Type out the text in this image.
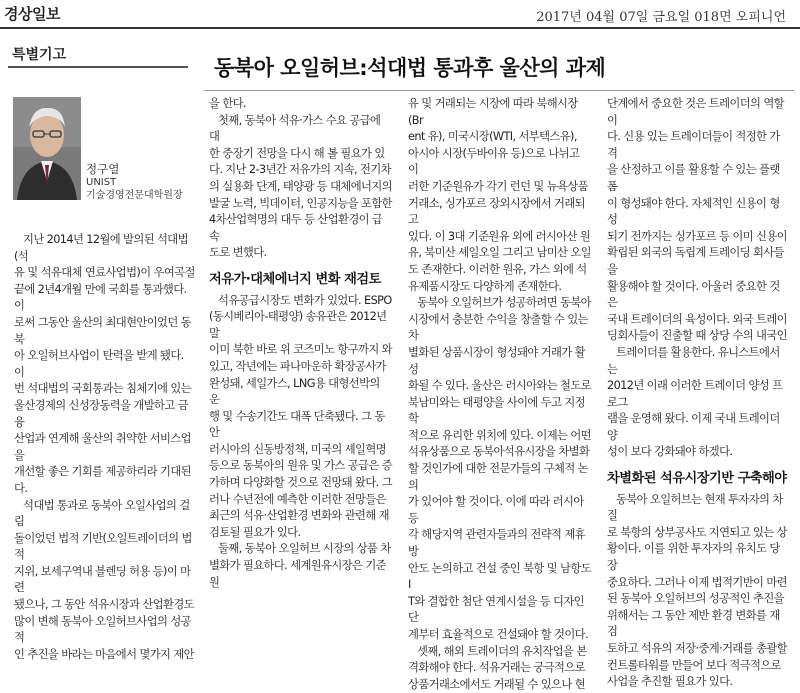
경상일보	2017년 04월 07일 금요일 018면 오피니언
특별기고
동북아 오일허브:석대법 통과후 울산의 과제
정구열
UNIST
기술경영전문대학원장

지난 2014년 12월에 발의된 석대법(석

유 및 석유대체 연료사업법)이 우여곡절

끝에 2년4개월 만에 국회를 통과했다. 이

로써 그동안 울산의 최대현안이었던 동북

아 오일허브사업이 탄력을 받게 됐다. 이

번 석대법의 국회통과는 침체기에 있는

울산경제의 신성장동력을 개발하고 금융

산업과 연계해 울산의 취약한 서비스업을

개선할 좋은 기회를 제공하리라 기대된

다.

석대법 통과로 동북아 오일사업의 걸림

돌이었던 법적 기반(오일트레이더의 법적

지위, 보세구역내 블렌딩 허용 등)이 마련

됐으나, 그 동안 석유시장과 산업환경도

많이 변해 동북아 오일허브사업의 성공적

인 추진을 바라는 마음에서 몇가지 제안

을 한다.

첫째, 동북아 석유·가스 수요 공급에 대

한 중장기 전망을 다시 해 볼 필요가 있

다. 지난 2-3년간 저유가의 지속, 전기차

의 실용화 단계, 태양광 등 대체에너지의

발굴 노력, 빅데이터, 인공지능을 포함한

4차산업혁명의 대두 등 산업환경이 급속

도로 변했다.

저유가·대체에너지 변화 재검토

석유공급시장도 변화가 있었다. ESPO

(동시베리아-태평양) 송유관은 2012년 말

이미 북한 바로 위 코즈미노 항구까지 와

있고, 작년에는 파나마운하 확장공사가

완성돼, 세일가스, LNG용 대형선박의 운

행 및 수송기간도 대폭 단축됐다. 그 동안

러시아의 신동방정책, 미국의 셰일혁명

등으로 동북아의 원유 및 가스 공급은 증

가하며 다양화할 것으로 전망돼 왔다. 그

러나 수년전에 예측한 이러한 전망들은

최근의 석유·산업환경 변화와 관련해 재

검토될 필요가 있다.

둘째, 동북아 오일허브 시장의 상품 차

별화가 필요하다. 세계원유시장은 기준원

유 및 거래되는 시장에 따라 북해시장(Br

ent 유), 미국시장(WTI, 서부텍스유),

아시아 시장(두바이유 등)으로 나뉘고 이

러한 기준원유가 각기 런던 및 뉴욕상품

거래소, 싱가포르 장외시장에서 거래되고

있다. 이 3대 기준원유 외에 러시아산 원

유, 북미산 셰일오일 그리고 남미산 오일

도 존재한다. 이러한 원유, 가스 외에 석

유제품시장도 다양하게 존재한다.

동북아 오일허브가 성공하려면 동북아

시장에서 충분한 수익을 창출할 수 있는 차

별화된 상품시장이 형성돼야 거래가 활성

화될 수 있다. 울산은 러시아와는 철도로

북남미와는 태평양을 사이에 두고 지정학

적으로 유리한 위치에 있다. 이제는 어떤

석유상품으로 동북아석유시장을 차별화

할 것인가에 대한 전문가들의 구체적 논의

가 있어야 할 것이다. 이에 따라 러시아 등

각 해당지역 관련자들과의 전략적 제휴방

안도 논의하고 건설 중인 북항 및 남항도 I

T와 결합한 첨단 연계시설을 등 디자인 단

계부터 효율적으로 건설돼야 할 것이다.

셋째, 해외 트레이더의 유치작업을 본

격화해야 한다. 석유거래는 궁극적으로

상품거래소에서도 거래될 수 있으나 현

단계에서 중요한 것은 트레이더의 역할이

다. 신용 있는 트레이더들이 적정한 가격

을 산정하고 이를 활용할 수 있는 플랫폼

이 형성돼야 한다. 자체적인 신용이 형성

되기 전까지는 싱가포르 등 이미 신용이

확립된 외국의 독립계 트레이딩 회사들을

활용해야 할 것이다. 아울러 중요한 것은

국내 트레이더의 육성이다. 외국 트레이

딩회사들이 진출할 때 상당 수의 내국인

트레이더를 활용한다. 유니스트에서는

2012년 이래 이러한 트레이더 양성 프로그

램을 운영해 왔다. 이제 국내 트레이더 양

성이 보다 강화돼야 하겠다.

차별화된 석유시장기반 구축해야

동북아 오일허브는 현재 투자자의 차질

로 북항의 상부공사도 지연되고 있는 상

황이다. 이를 위한 투자자의 유치도 당장

중요하다. 그러나 이제 법적기반이 마련

된 동북아 오일허브의 성공적인 추진을

위해서는 그 동안 제반 환경 변화를 재검

토하고 석유의 저장·중계·거래를 총괄할

컨트롤타워를 만들어 보다 적극적으로

사업을 추진할 필요가 있다.
